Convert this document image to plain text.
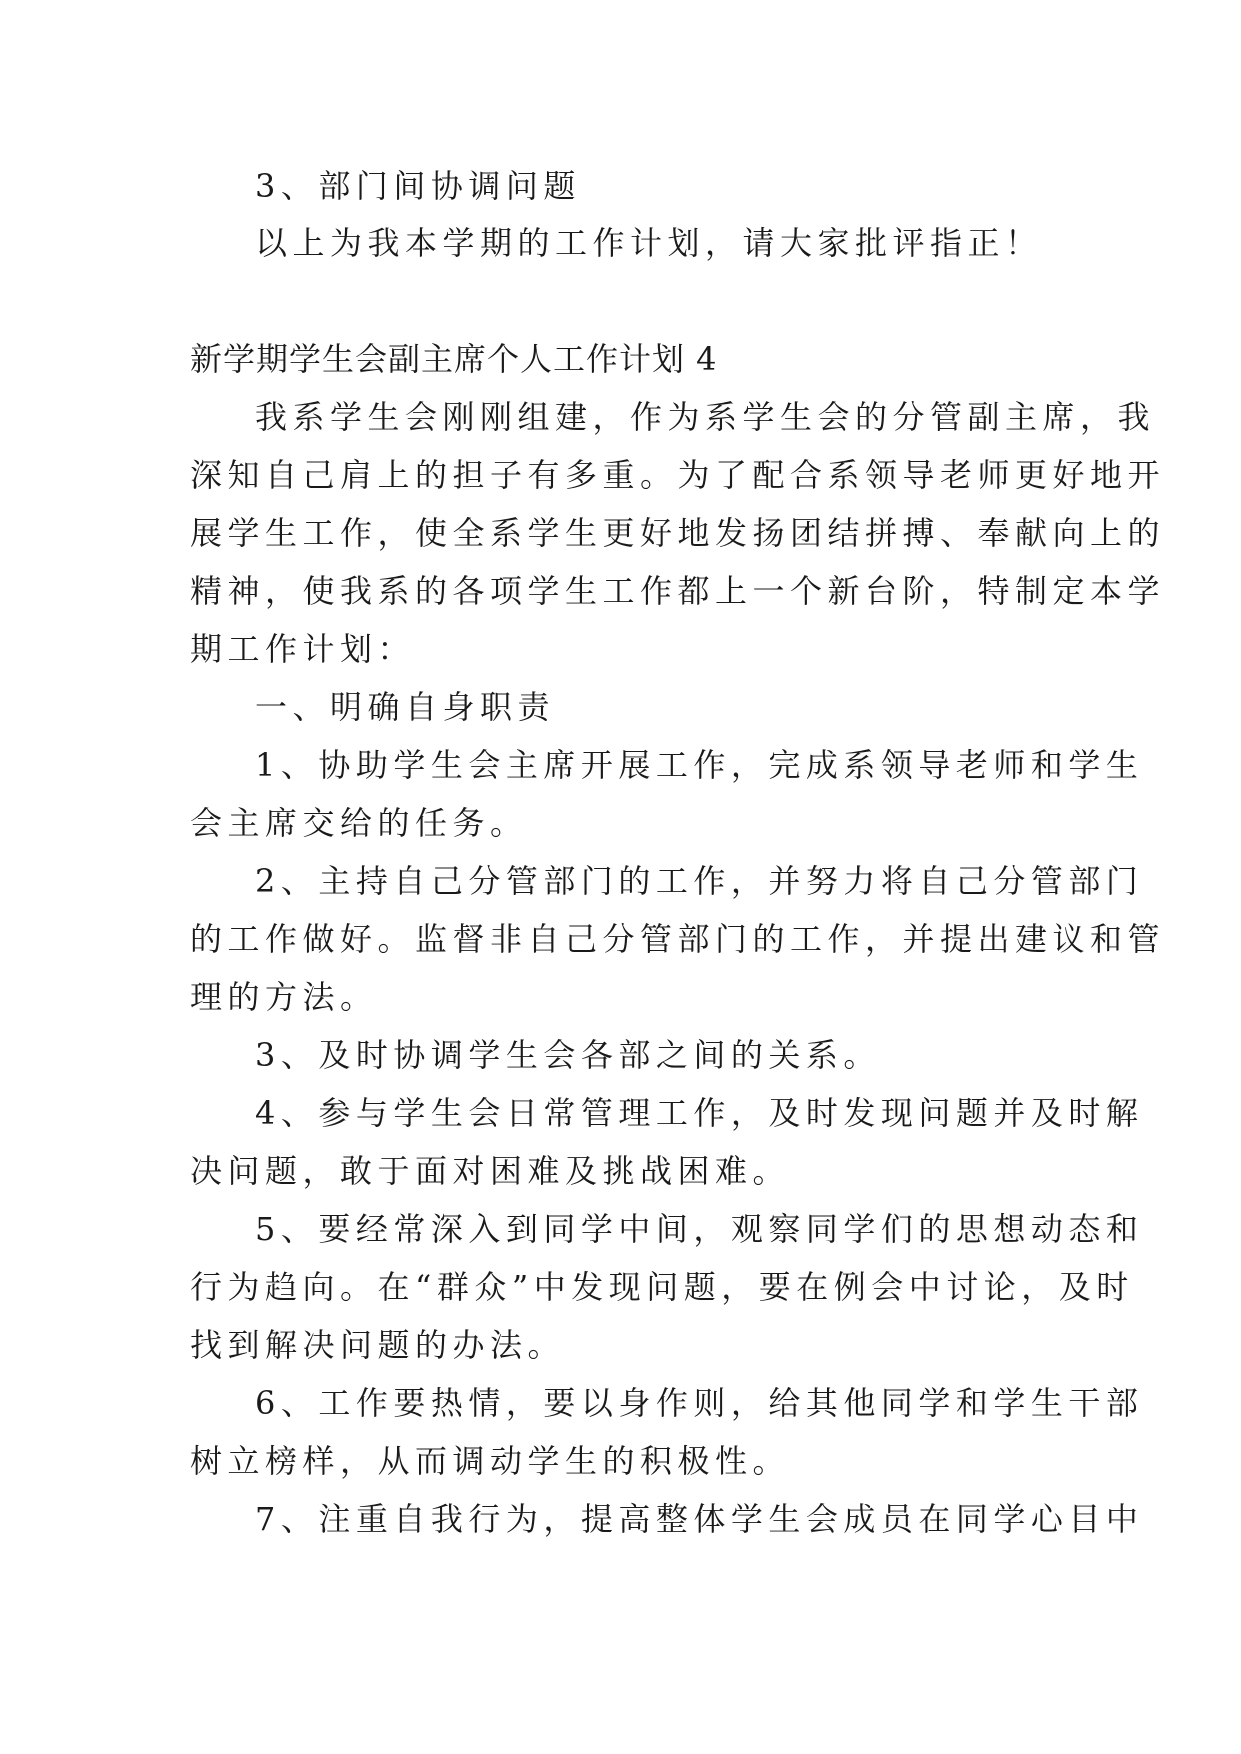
3、部门间协调问题
以上为我本学期的工作计划，请大家批评指正！
新学期学生会副主席个人工作计划 4
我系学生会刚刚组建，作为系学生会的分管副主席，我
深知自己肩上的担子有多重。为了配合系领导老师更好地开
展学生工作，使全系学生更好地发扬团结拼搏、奉献向上的
精神，使我系的各项学生工作都上一个新台阶，特制定本学
期工作计划：
一、明确自身职责
1、协助学生会主席开展工作，完成系领导老师和学生
会主席交给的任务。
2、主持自己分管部门的工作，并努力将自己分管部门
的工作做好。监督非自己分管部门的工作，并提出建议和管
理的方法。
3、及时协调学生会各部之间的关系。
4、参与学生会日常管理工作，及时发现问题并及时解
决问题，敢于面对困难及挑战困难。
5、要经常深入到同学中间，观察同学们的思想动态和
行为趋向。在“群众”中发现问题，要在例会中讨论，及时
找到解决问题的办法。
6、工作要热情，要以身作则，给其他同学和学生干部
树立榜样，从而调动学生的积极性。
7、注重自我行为，提高整体学生会成员在同学心目中
